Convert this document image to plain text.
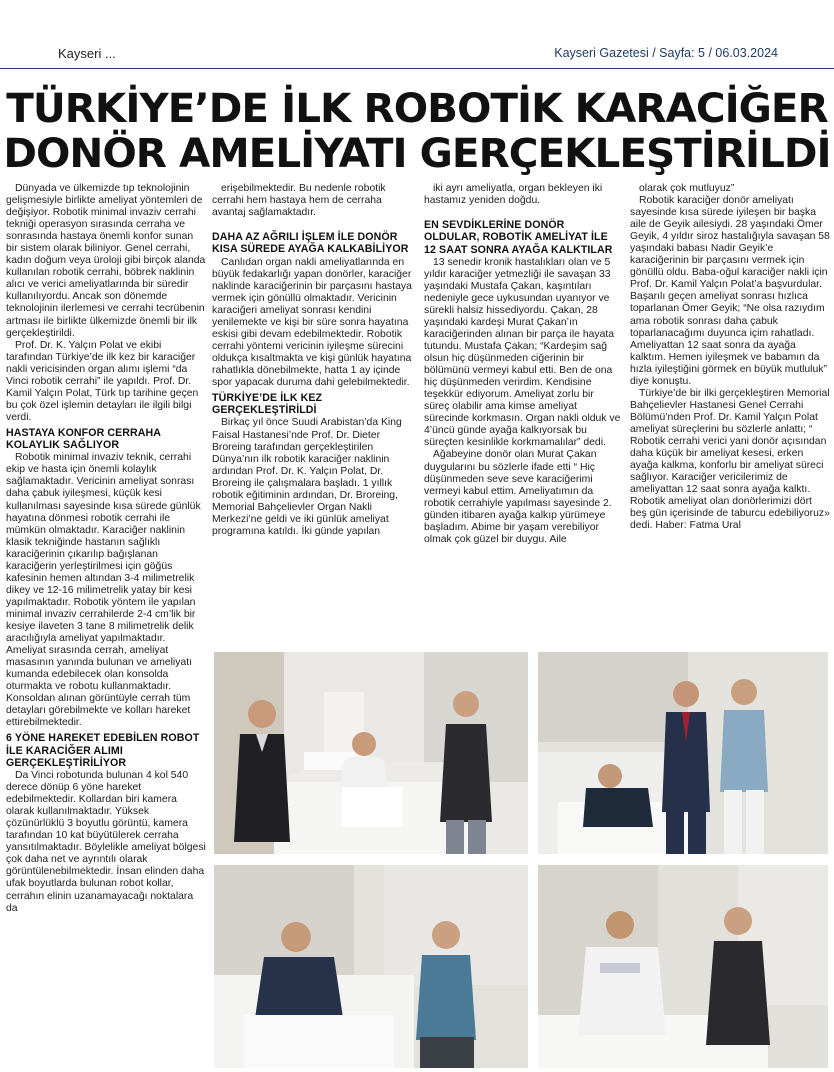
Kayseri ...	Kayseri Gazetesi / Sayfa: 5 / 06.03.2024
TÜRKİYE’DE İLK ROBOTİK KARACİĞER
DONÖR AMELİYATI GERÇEKLEŞTİRİLDİ

Dünyada ve ülkemizde tıp teknolojinin gelişmesiyle birlikte ameliyat yöntemleri de değişiyor. Robotik minimal invaziv cerrahi tekniği operasyon sırasında cerraha ve sonrasında hastaya önemli konfor sunan bir sistem olarak biliniyor. Genel cerrahi, kadın doğum veya üroloji gibi birçok alanda kullanılan robotik cerrahi, böbrek naklinin alıcı ve verici ameliyatlarında bir süredir kullanılıyordu. Ancak son dönemde teknolojinin ilerlemesi ve cerrahi tecrübenin artması ile birlikte ülkemizde önemli bir ilk gerçekleştirildi.

Prof. Dr. K. Yalçın Polat ve ekibi tarafından Türkiye’de ilk kez bir karaciğer nakli vericisinden organ alımı işlemi “da Vinci robotik cerrahi” ile yapıldı. Prof. Dr. Kamil Yalçın Polat, Türk tıp tarihine geçen bu çok özel işlemin detayları ile ilgili bilgi verdi.

HASTAYA KONFOR CERRAHA KOLAYLIK SAĞLIYOR

Robotik minimal invaziv teknik, cerrahi ekip ve hasta için önemli kolaylık sağlamaktadır. Vericinin ameliyat sonrası daha çabuk iyileşmesi, küçük kesi kullanılması sayesinde kısa sürede günlük hayatına dönmesi robotik cerrahi ile mümkün olmaktadır. Karaciğer naklinin klasik tekniğinde hastanın sağlıklı karaciğerinin çıkarılıp bağışlanan karaciğerin yerleştirilmesi için göğüs kafesinin hemen altından 3-4 milimetrelik dikey ve 12-16 milimetrelik yatay bir kesi yapılmaktadır. Robotik yöntem ile yapılan minimal invaziv cerrahilerde 2-4 cm’lik bir kesiye ilaveten 3 tane 8 milimetrelik delik aracılığıyla ameliyat yapılmaktadır. Ameliyat sırasında cerrah, ameliyat masasının yanında bulunan ve ameliyatı kumanda edebilecek olan konsolda oturmakta ve robotu kullanmaktadır. Konsoldan alınan görüntüyle cerrah tüm detayları görebilmekte ve kolları hareket ettirebilmektedir.

6 YÖNE HAREKET EDEBİLEN ROBOT İLE KARACİĞER ALIMI GERÇEKLEŞTİRİLİYOR

Da Vinci robotunda bulunan 4 kol 540 derece dönüp 6 yöne hareket edebilmektedir. Kollardan biri kamera olarak kullanılmaktadır. Yüksek çözünürlüklü 3 boyutlu görüntü, kamera tarafından 10 kat büyütülerek cerraha yansıtılmaktadır. Böylelikle ameliyat bölgesi çok daha net ve ayrıntılı olarak görüntülenebilmektedir. İnsan elinden daha ufak boyutlarda bulunan robot kollar, cerrahın elinin uzanamayacağı noktalara da

erişebilmektedir. Bu nedenle robotik cerrahi hem hastaya hem de cerraha avantaj sağlamaktadır.

DAHA AZ AĞRILI İŞLEM İLE DONÖR KISA SÜREDE AYAĞA KALKABİLİYOR

Canlıdan organ nakli ameliyatlarında en büyük fedakarlığı yapan donörler, karaciğer naklinde karaciğerinin bir parçasını hastaya vermek için gönüllü olmaktadır. Vericinin karaciğeri ameliyat sonrası kendini yenilemekte ve kişi bir süre sonra hayatına eskisi gibi devam edebilmektedir. Robotik cerrahi yöntemi vericinin iyileşme sürecini oldukça kısaltmakta ve kişi günlük hayatına rahatlıkla dönebilmekte, hatta 1 ay içinde spor yapacak duruma dahi gelebilmektedir.

TÜRKİYE’DE İLK KEZ GERÇEKLEŞTİRİLDİ

Birkaç yıl önce Suudi Arabistan’da King Faisal Hastanesi’nde Prof. Dr. Dieter Broreing tarafından gerçekleştirilen Dünya’nın ilk robotik karaciğer naklinin ardından Prof. Dr. K. Yalçın Polat, Dr. Broreing ile çalışmalara başladı. 1 yıllık robotik eğitiminin ardından, Dr. Broreing, Memorial Bahçelievler Organ Nakli Merkezi’ne geldi ve iki günlük ameliyat programına katıldı. İki günde yapılan

iki ayrı ameliyatla, organ bekleyen iki hastamız yeniden doğdu.

EN SEVDİKLERİNE DONÖR OLDULAR, ROBOTİK AMELİYAT İLE 12 SAAT SONRA AYAĞA KALKTILAR

13 senedir kronik hastalıkları olan ve 5 yıldır karaciğer yetmezliği ile savaşan 33 yaşındaki Mustafa Çakan, kaşıntıları nedeniyle gece uykusundan uyanıyor ve sürekli halsiz hissediyordu. Çakan, 28 yaşındaki kardeşi Murat Çakan’ın karaciğerinden alınan bir parça ile hayata tutundu. Mustafa Çakan; “Kardeşim sağ olsun hiç düşünmeden ciğerinin bir bölümünü vermeyi kabul etti. Ben de ona hiç düşünmeden verirdim. Kendisine teşekkür ediyorum. Ameliyat zorlu bir süreç olabilir ama kimse ameliyat sürecinde korkmasın. Organ nakli olduk ve 4’üncü günde ayağa kalkıyorsak bu süreçten kesinlikle korkmamalılar” dedi.

Ağabeyine donör olan Murat Çakan duygularını bu sözlerle ifade etti “ Hiç düşünmeden seve seve karaciğerimi vermeyi kabul ettim. Ameliyatımın da robotik cerrahiyle yapılması sayesinde 2. günden itibaren ayağa kalkıp yürümeye başladım. Abime bir yaşam verebiliyor olmak çok güzel bir duygu. Aile

olarak çok mutluyuz”

Robotik karaciğer donör ameliyatı sayesinde kısa sürede iyileşen bir başka aile de Geyik ailesiydi. 28 yaşındaki Ömer Geyik, 4 yıldır siroz hastalığıyla savaşan 58 yaşındaki babası Nadir Geyik’e karaciğerinin bir parçasını vermek için gönüllü oldu. Baba-oğul karaciğer nakli için Prof. Dr. Kamil Yalçın Polat’a başvurdular. Başarılı geçen ameliyat sonrası hızlıca toparlanan Ömer Geyik; “Ne olsa razıydım ama robotik sonrası daha çabuk toparlanacağımı duyunca içim rahatladı. Ameliyattan 12 saat sonra da ayağa kalktım. Hemen iyileşmek ve babamın da hızla iyileştiğini görmek en büyük mutluluk” diye konuştu.

Türkiye’de bir ilki gerçekleştiren Memorial Bahçelievler Hastanesi Genel Cerrahi Bölümü’nden Prof. Dr. Kamil Yalçın Polat ameliyat süreçlerini bu sözlerle anlattı; “ Robotik cerrahi verici yani donör açısından daha küçük bir ameliyat kesesi, erken ayağa kalkma, konforlu bir ameliyat süreci sağlıyor. Karaciğer vericilerimiz de ameliyattan 12 saat sonra ayağa kalktı. Robotik ameliyat olan donörlerimizi dört beş gün içerisinde de taburcu edebiliyoruz» dedi. Haber: Fatma Ural
